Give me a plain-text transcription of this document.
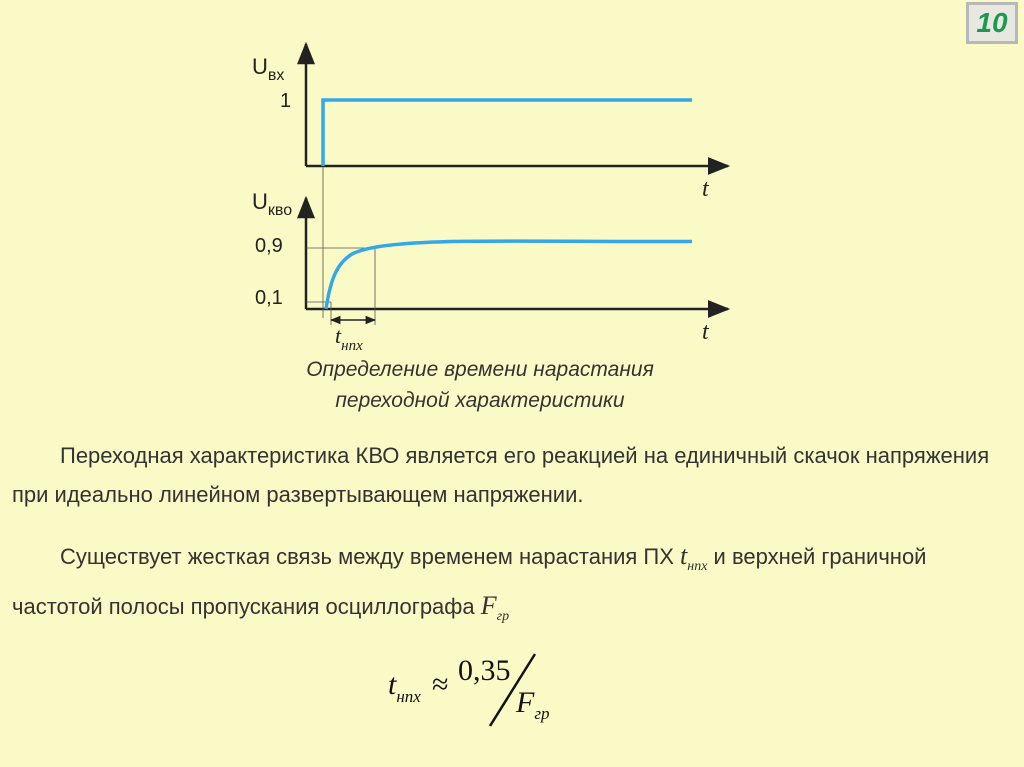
10
$U_{вх}$
1
t
$U_{кво}$
0,9
0,1
t
$t_{нпх}$
Определение времени нарастания
переходной характеристики

Переходная характеристика КВО является его реакцией на единичный скачок напряжения при идеально линейном развертывающем напряжении.

Существует жесткая связь между временем нарастания ПХ $t_{нпх}$ и верхней граничной частотой полосы пропускания осциллографа $F_{гр}$

$t_{нпх} \approx 0,35$
$F_{гр}$
